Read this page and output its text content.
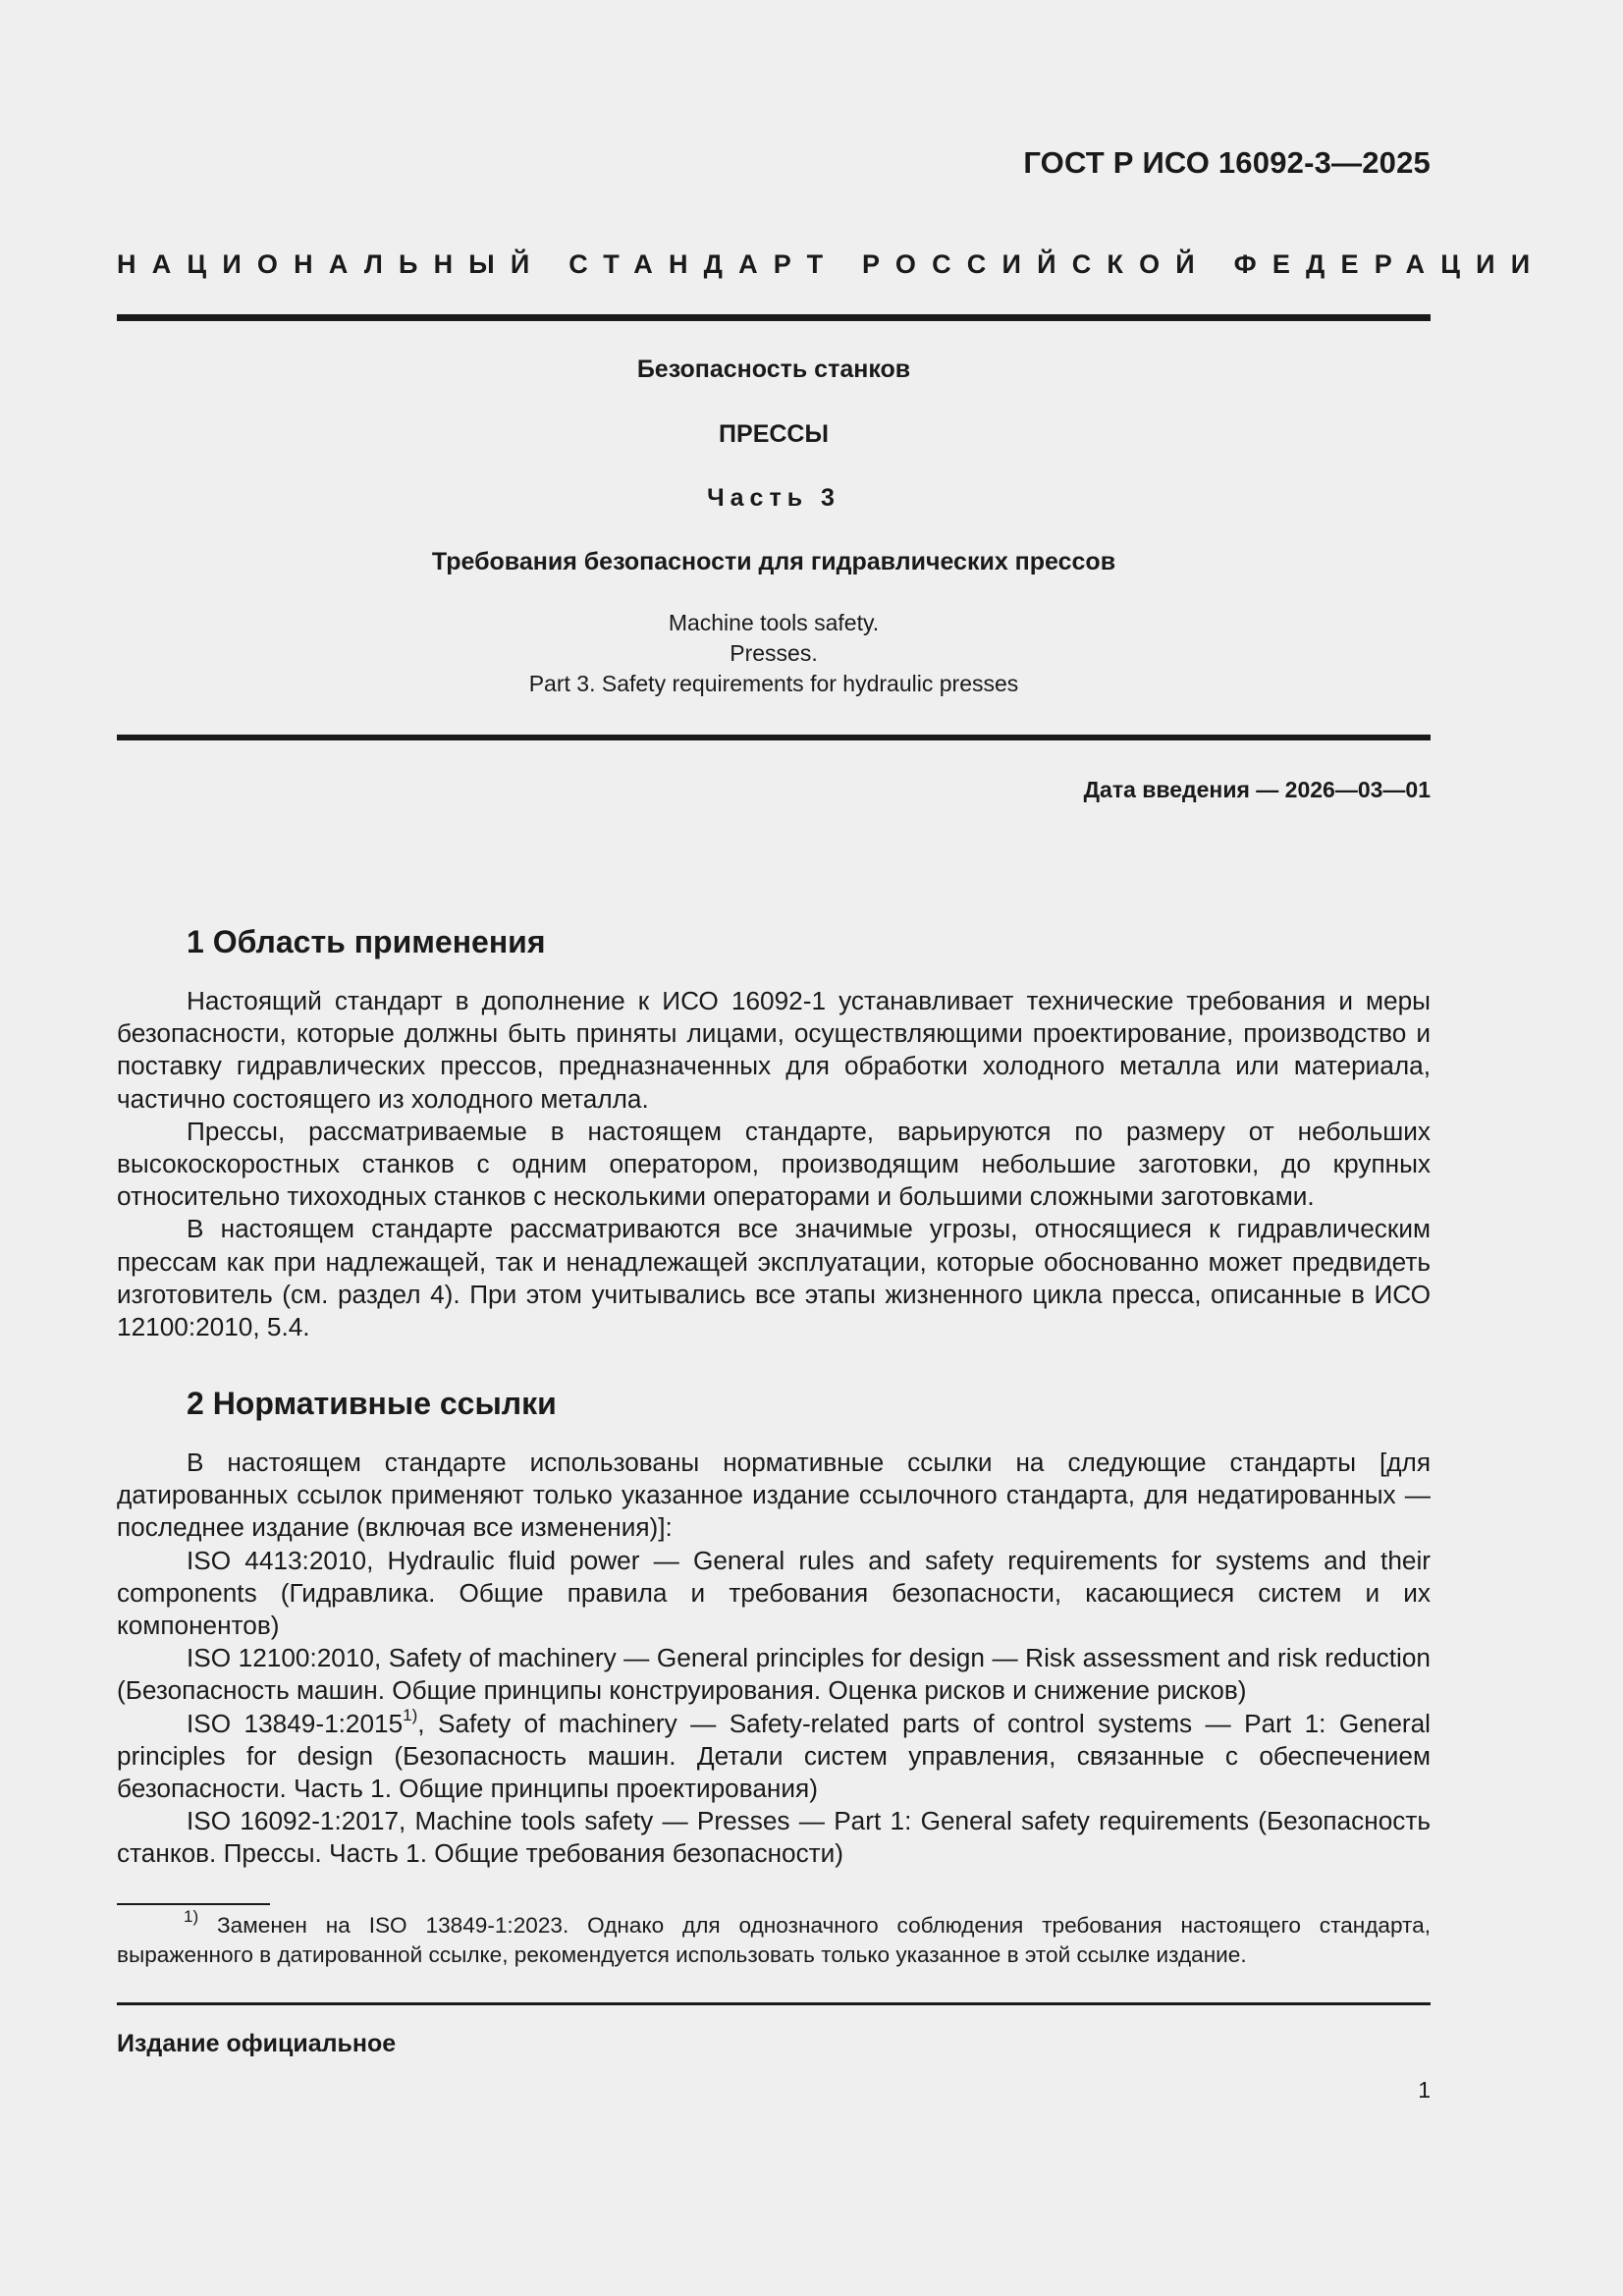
ГОСТ Р ИСО 16092-3—2025
НАЦИОНАЛЬНЫЙ СТАНДАРТ РОССИЙСКОЙ ФЕДЕРАЦИИ
Безопасность станков
ПРЕССЫ
Часть 3
Требования безопасности для гидравлических прессов
Machine tools safety.
Presses.
Part 3. Safety requirements for hydraulic presses
Дата введения — 2026—03—01
1 Область применения

Настоящий стандарт в дополнение к ИСО 16092-1 устанавливает технические требования и меры безопасности, которые должны быть приняты лицами, осуществляющими проектирование, производство и поставку гидравлических прессов, предназначенных для обработки холодного металла или материала, частично состоящего из холодного металла.

Прессы, рассматриваемые в настоящем стандарте, варьируются по размеру от небольших высокоскоростных станков с одним оператором, производящим небольшие заготовки, до крупных относительно тихоходных станков с несколькими операторами и большими сложными заготовками.

В настоящем стандарте рассматриваются все значимые угрозы, относящиеся к гидравлическим прессам как при надлежащей, так и ненадлежащей эксплуатации, которые обоснованно может предвидеть изготовитель (см. раздел 4). При этом учитывались все этапы жизненного цикла пресса, описанные в ИСО 12100:2010, 5.4.

2 Нормативные ссылки

В настоящем стандарте использованы нормативные ссылки на следующие стандарты [для датированных ссылок применяют только указанное издание ссылочного стандарта, для недатированных — последнее издание (включая все изменения)]:

ISO 4413:2010, Hydraulic fluid power — General rules and safety requirements for systems and their components (Гидравлика. Общие правила и требования безопасности, касающиеся систем и их компонентов)

ISO 12100:2010, Safety of machinery — General principles for design — Risk assessment and risk reduction (Безопасность машин. Общие принципы конструирования. Оценка рисков и снижение рисков)

ISO 13849-1:2015$^{1)}$, Safety of machinery — Safety-related parts of control systems — Part 1: General principles for design (Безопасность машин. Детали систем управления, связанные с обеспечением безопасности. Часть 1. Общие принципы проектирования)

ISO 16092-1:2017, Machine tools safety — Presses — Part 1: General safety requirements (Безопасность станков. Прессы. Часть 1. Общие требования безопасности)

$^{1)}$ Заменен на ISO 13849-1:2023. Однако для однозначного соблюдения требования настоящего стандарта, выраженного в датированной ссылке, рекомендуется использовать только указанное в этой ссылке издание.

Издание официальное
1
